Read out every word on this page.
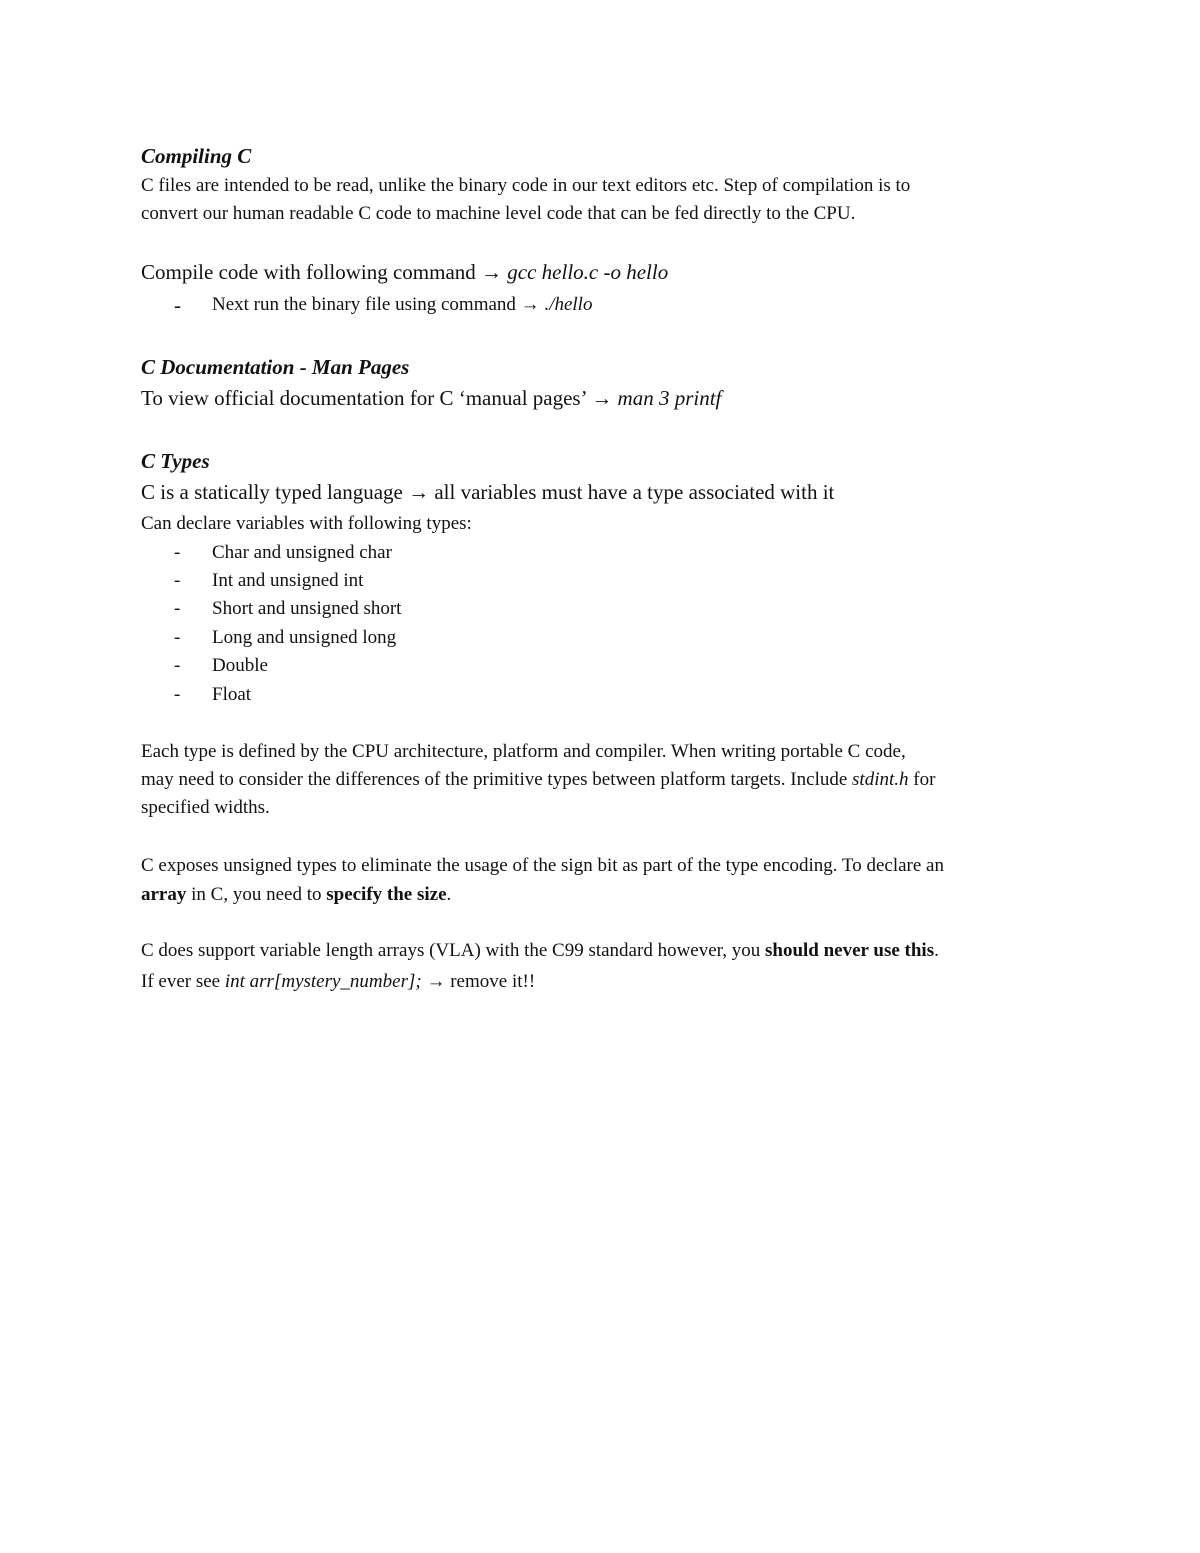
Compiling C
C files are intended to be read, unlike the binary code in our text editors etc. Step of compilation is to
convert our human readable C code to machine level code that can be fed directly to the CPU.
Compile code with following command → gcc hello.c -o hello
- Next run the binary file using command → ./hello
C Documentation - Man Pages
To view official documentation for C ‘manual pages’ → man 3 printf
C Types
C is a statically typed language → all variables must have a type associated with it
Can declare variables with following types:
- Char and unsigned char
- Int and unsigned int
- Short and unsigned short
- Long and unsigned long
- Double
- Float
Each type is defined by the CPU architecture, platform and compiler. When writing portable C code,
may need to consider the differences of the primitive types between platform targets. Include stdint.h for
specified widths.
C exposes unsigned types to eliminate the usage of the sign bit as part of the type encoding. To declare an
array in C, you need to specify the size.
C does support variable length arrays (VLA) with the C99 standard however, you should never use this.
If ever see int arr[mystery_number]; → remove it!!
